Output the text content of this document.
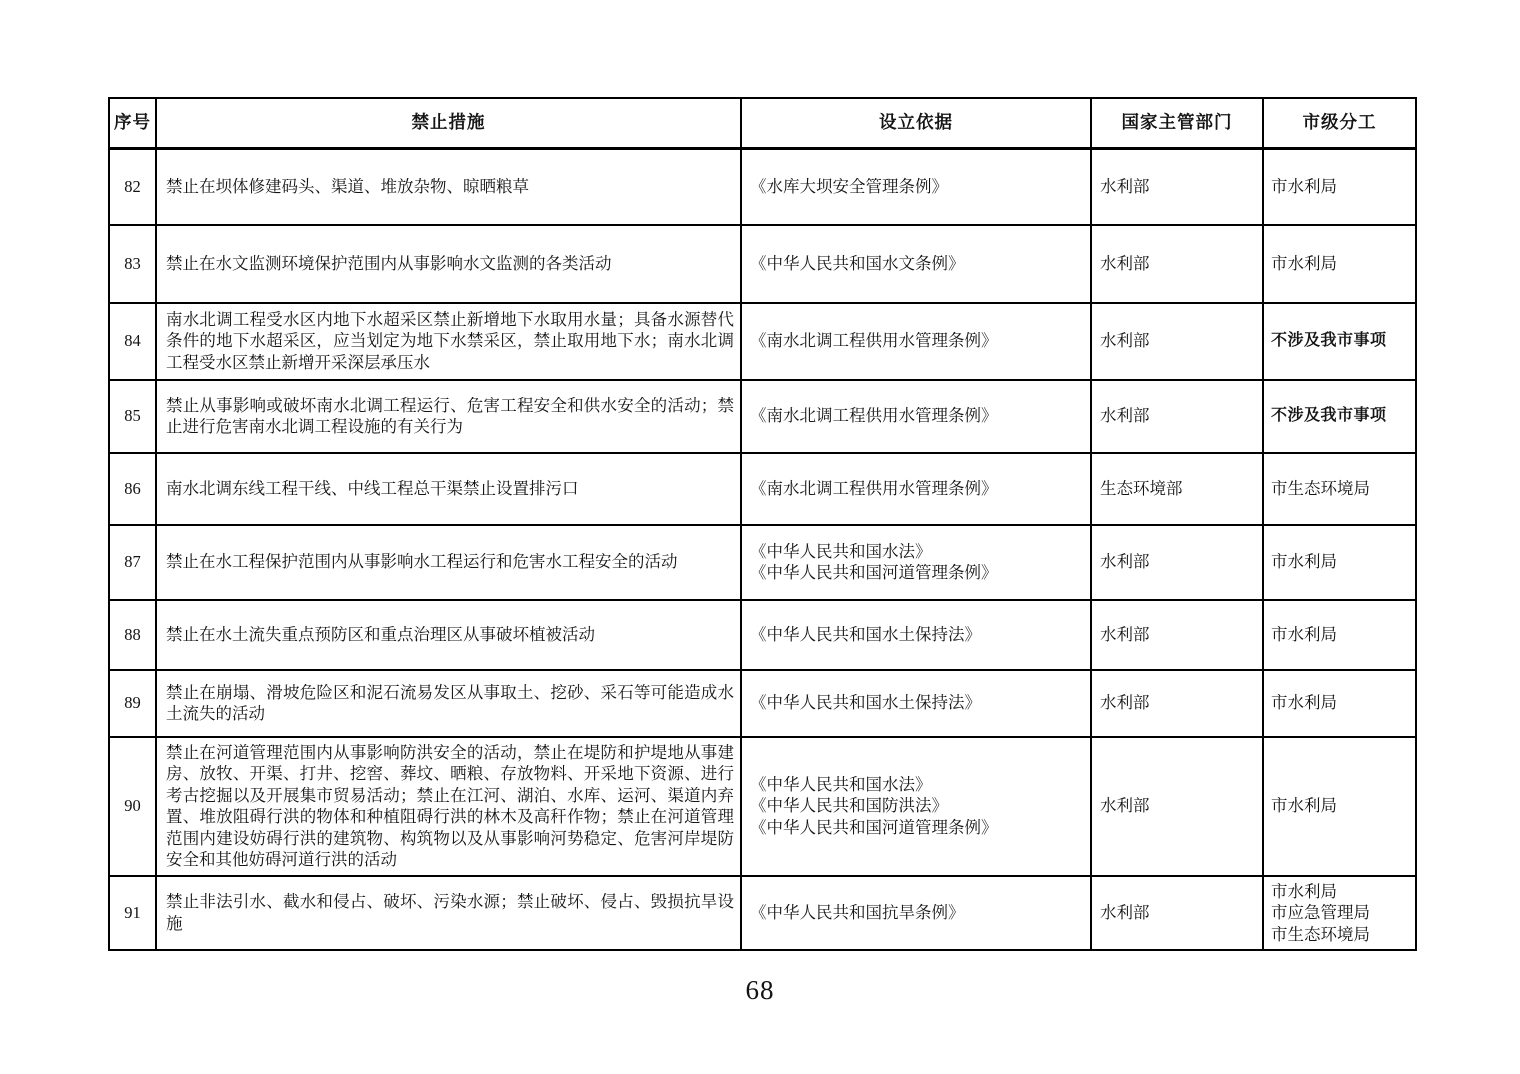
序号	禁止措施	设立依据	国家主管部门	市级分工
82	禁止在坝体修建码头、渠道、堆放杂物、晾晒粮草	《水库大坝安全管理条例》	水利部	市水利局

83	禁止在水文监测环境保护范围内从事影响水文监测的各类活动	《中华人民共和国水文条例》	水利部	市水利局

84	南水北调工程受水区内地下水超采区禁止新增地下水取用水量；具备水源替代条件的地下水超采区，应当划定为地下水禁采区，禁止取用地下水；南水北调工程受水区禁止新增开采深层承压水	《南水北调工程供用水管理条例》	水利部	不涉及我市事项

85	禁止从事影响或破坏南水北调工程运行、危害工程安全和供水安全的活动；禁止进行危害南水北调工程设施的有关行为	《南水北调工程供用水管理条例》	水利部	不涉及我市事项

86	南水北调东线工程干线、中线工程总干渠禁止设置排污口	《南水北调工程供用水管理条例》	生态环境部	市生态环境局

87	禁止在水工程保护范围内从事影响水工程运行和危害水工程安全的活动	《中华人民共和国水法》
《中华人民共和国河道管理条例》	水利部	市水利局

88	禁止在水土流失重点预防区和重点治理区从事破坏植被活动	《中华人民共和国水土保持法》	水利部	市水利局

89	禁止在崩塌、滑坡危险区和泥石流易发区从事取土、挖砂、采石等可能造成水土流失的活动	《中华人民共和国水土保持法》	水利部	市水利局

90	禁止在河道管理范围内从事影响防洪安全的活动，禁止在堤防和护堤地从事建房、放牧、开渠、打井、挖窖、葬坟、晒粮、存放物料、开采地下资源、进行考古挖掘以及开展集市贸易活动；禁止在江河、湖泊、水库、运河、渠道内弃置、堆放阻碍行洪的物体和种植阻碍行洪的林木及高秆作物；禁止在河道管理范围内建设妨碍行洪的建筑物、构筑物以及从事影响河势稳定、危害河岸堤防安全和其他妨碍河道行洪的活动	《中华人民共和国水法》
《中华人民共和国防洪法》
《中华人民共和国河道管理条例》	水利部	市水利局

91	禁止非法引水、截水和侵占、破坏、污染水源；禁止破坏、侵占、毁损抗旱设施	《中华人民共和国抗旱条例》	水利部	市水利局
市应急管理局
市生态环境局
68
